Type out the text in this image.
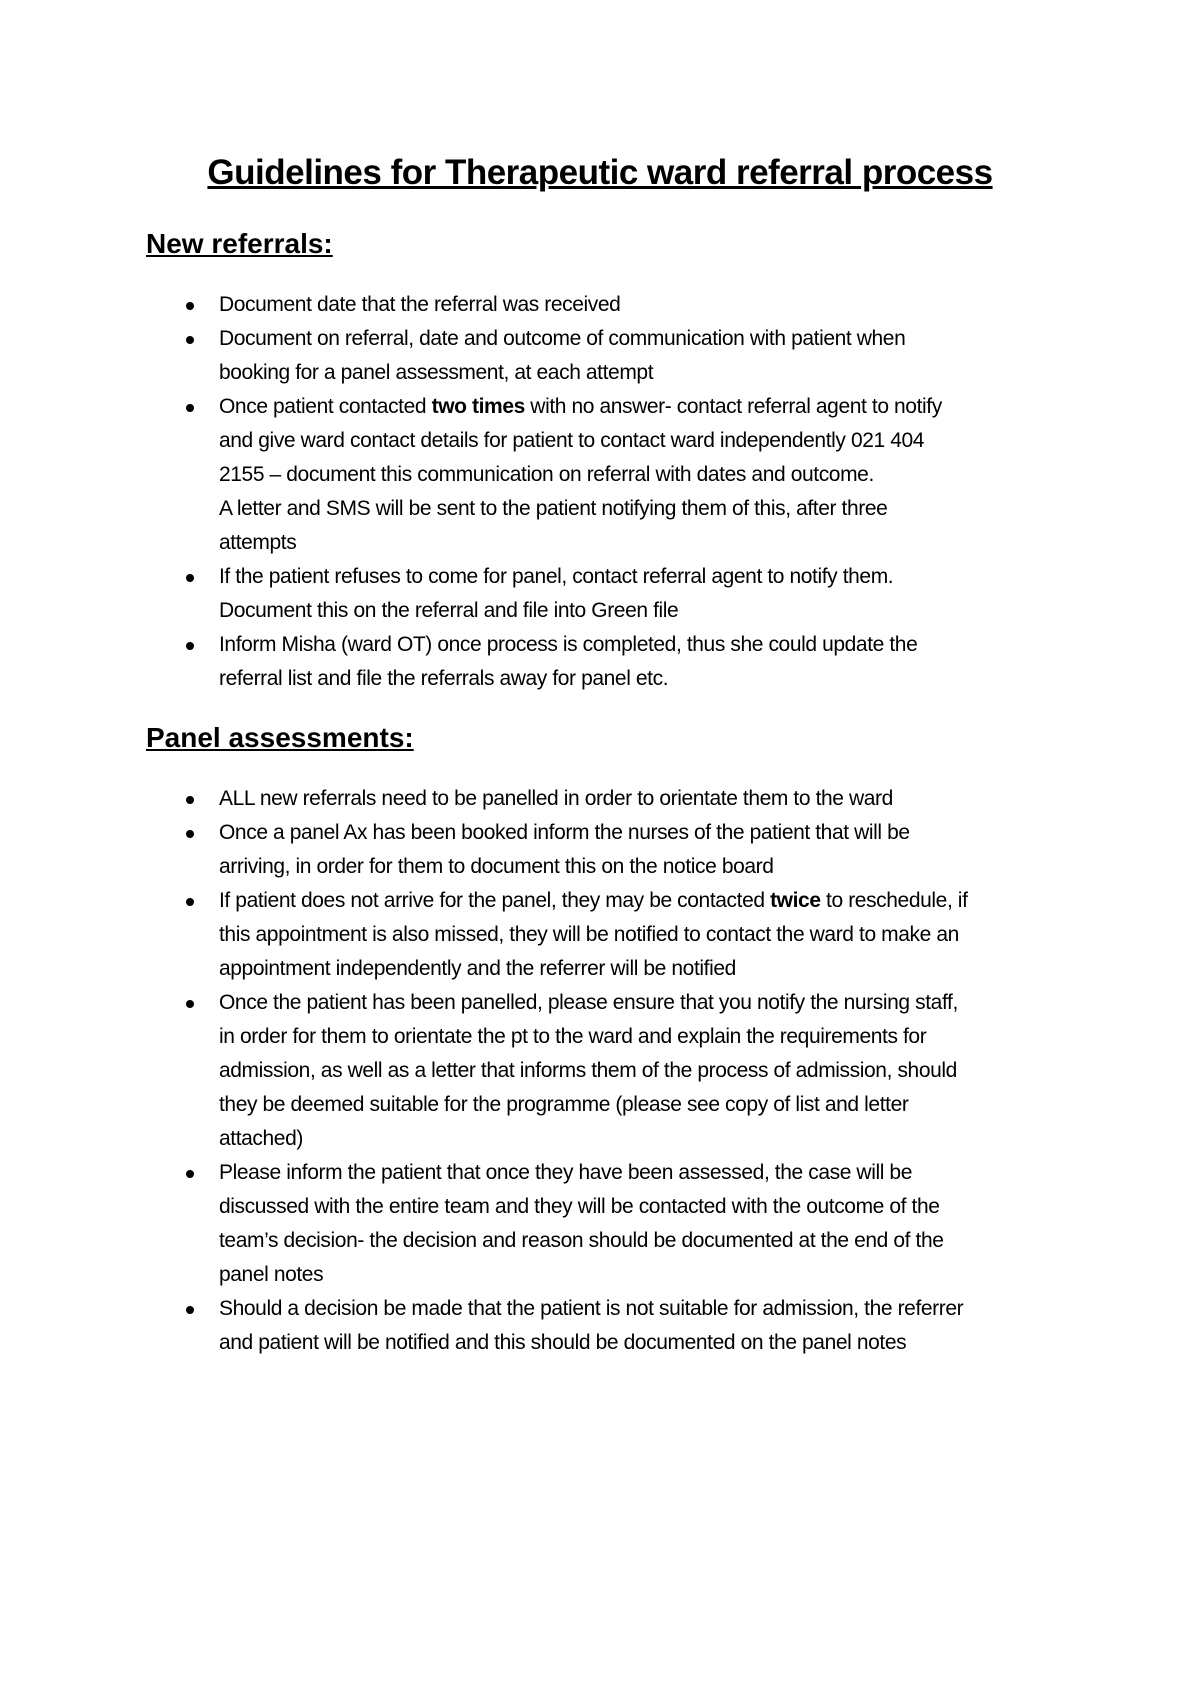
Guidelines for Therapeutic ward referral process
New referrals:
Document date that the referral was received
Document on referral, date and outcome of communication with patient when
booking for a panel assessment, at each attempt
Once patient contacted two times with no answer- contact referral agent to notify
and give ward contact details for patient to contact ward independently 021 404
2155 – document this communication on referral with dates and outcome.
A letter and SMS will be sent to the patient notifying them of this, after three
attempts
If the patient refuses to come for panel, contact referral agent to notify them.
Document this on the referral and file into Green file
Inform Misha (ward OT) once process is completed, thus she could update the
referral list and file the referrals away for panel etc.
Panel assessments:
ALL new referrals need to be panelled in order to orientate them to the ward
Once a panel Ax has been booked inform the nurses of the patient that will be
arriving, in order for them to document this on the notice board
If patient does not arrive for the panel, they may be contacted twice to reschedule, if
this appointment is also missed, they will be notified to contact the ward to make an
appointment independently and the referrer will be notified
Once the patient has been panelled, please ensure that you notify the nursing staff,
in order for them to orientate the pt to the ward and explain the requirements for
admission, as well as a letter that informs them of the process of admission, should
they be deemed suitable for the programme (please see copy of list and letter
attached)
Please inform the patient that once they have been assessed, the case will be
discussed with the entire team and they will be contacted with the outcome of the
team’s decision- the decision and reason should be documented at the end of the
panel notes
Should a decision be made that the patient is not suitable for admission, the referrer
and patient will be notified and this should be documented on the panel notes
